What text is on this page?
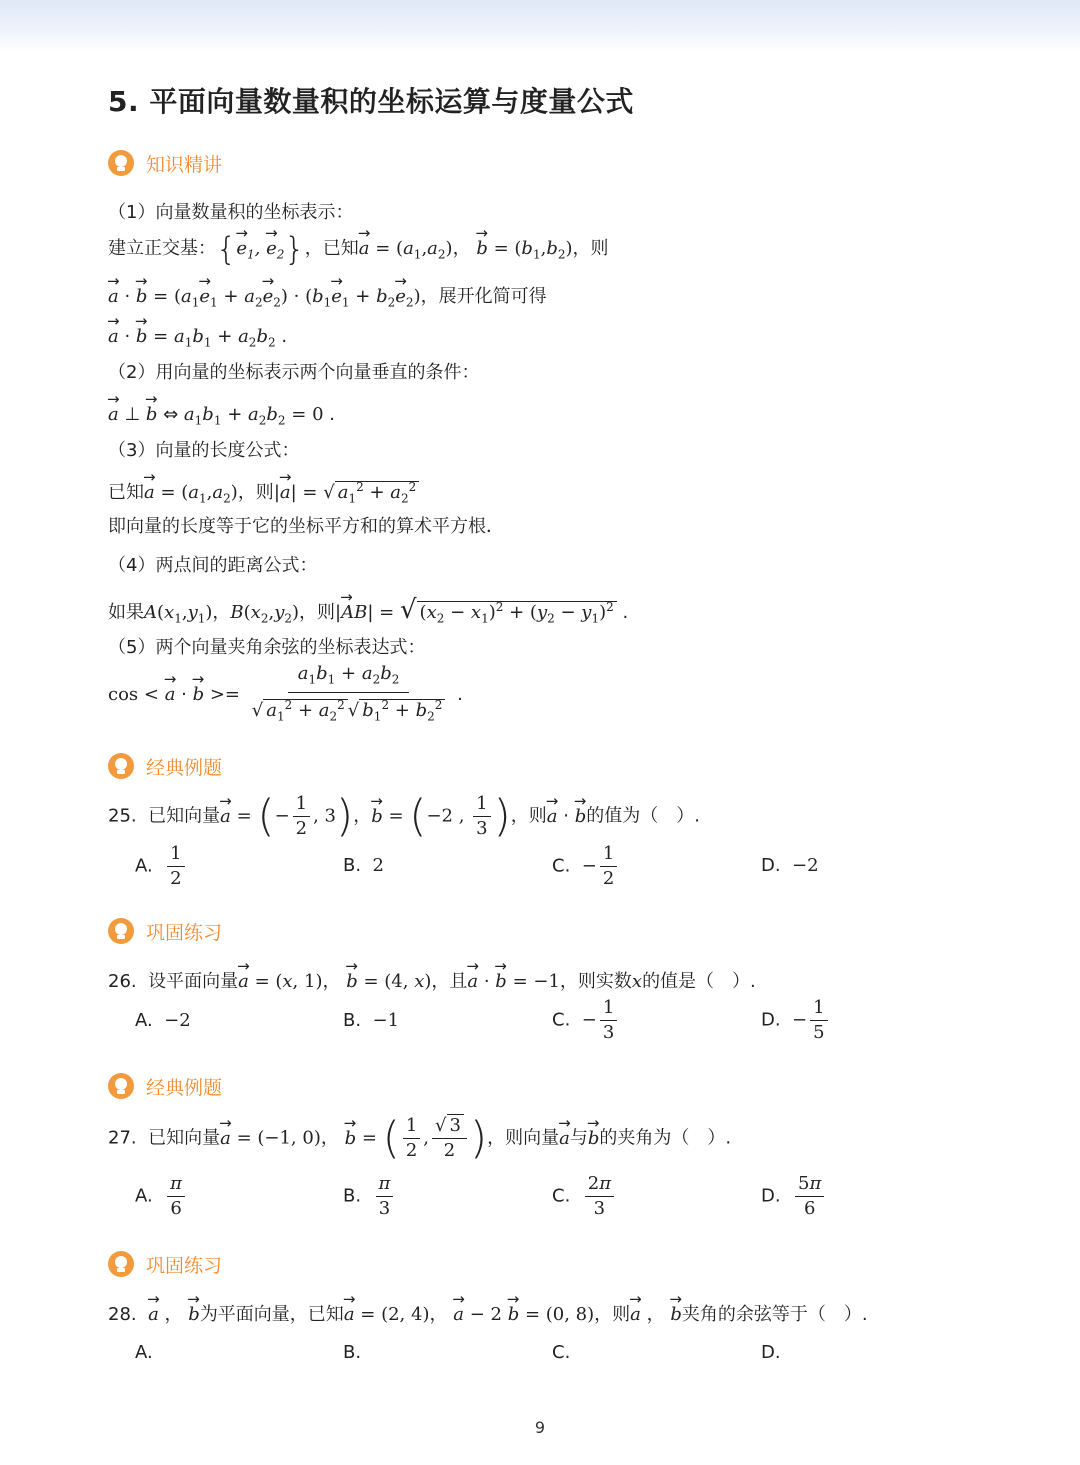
5. 平面向量数量积的坐标运算与度量公式
知识精讲
（1）向量数量积的坐标表示：
建立正交基：{→ $e_1$, → $e_2$}，已知→ $a = (a_1,a_2)$， → $b = (b_1,b_2)$，则
→ a · → $b = (a_1\to e_1 + a_2\to e_2) \cdot (b_1\to e_1 + b_2\to e_2)$，展开化简可得
→ a · → $b = a_1b_1 + a_2b_2$ .
（2）用向量的坐标表示两个向量垂直的条件：
→ a ⊥ → b ⇔ $a_1b_1 + a_2b_2 = 0$ .
（3）向量的长度公式：
已知→ $a = (a_1,a_2)$，则|→ a| = √ $a_1^2 + a_2^2$
即向量的长度等于它的坐标平方和的算术平方根．
（4）两点间的距离公式：
如果$A(x_1,y_1)$，$B(x_2,y_2)$，则|→ AB| = √ $(x_2 - x_1)^2 + (y_2 - y_1)^2$ .
（5）两个向量夹角余弦的坐标表达式：
cos < → a · → $b >= \frac{a_1b_1 + a_2b_2}{√ a_1^2 + a_2^2 √ b_1^2 + b_2^2}$ .
经典例题
25. 已知向量→ a = (− $\frac{1}{2}$ , 3)，→ b = (−2 , $\frac{1}{3}$ )，则→ a · → b的值为（　）.
A. $\frac{1}{2}$	B. 2	C. − $\frac{1}{2}$	D. −2
巩固练习
26. 设平面向量→ a = (x, 1)， → b = (4, x)，且→ a · → b = −1，则实数x的值是（　）.
A. −2	B. −1	C. − $\frac{1}{3}$	D. − $\frac{1}{5}$
经典例题
27. 已知向量→ a = (−1, 0)， → b = ( $\frac{1}{2}$ , $\frac{√ 3}{2}$ )，则向量→ a与→ b的夹角为（　）.
A. $\frac{\pi}{6}$	B. $\frac{\pi}{3}$	C. $\frac{2\pi}{3}$	D. $\frac{5\pi}{6}$
巩固练习
28. → a ， → b为平面向量，已知→ a = (2, 4)， → a − 2 → b = (0, 8)，则→ a ， → b夹角的余弦等于（　）.
A.	B.	C.	D.
9
